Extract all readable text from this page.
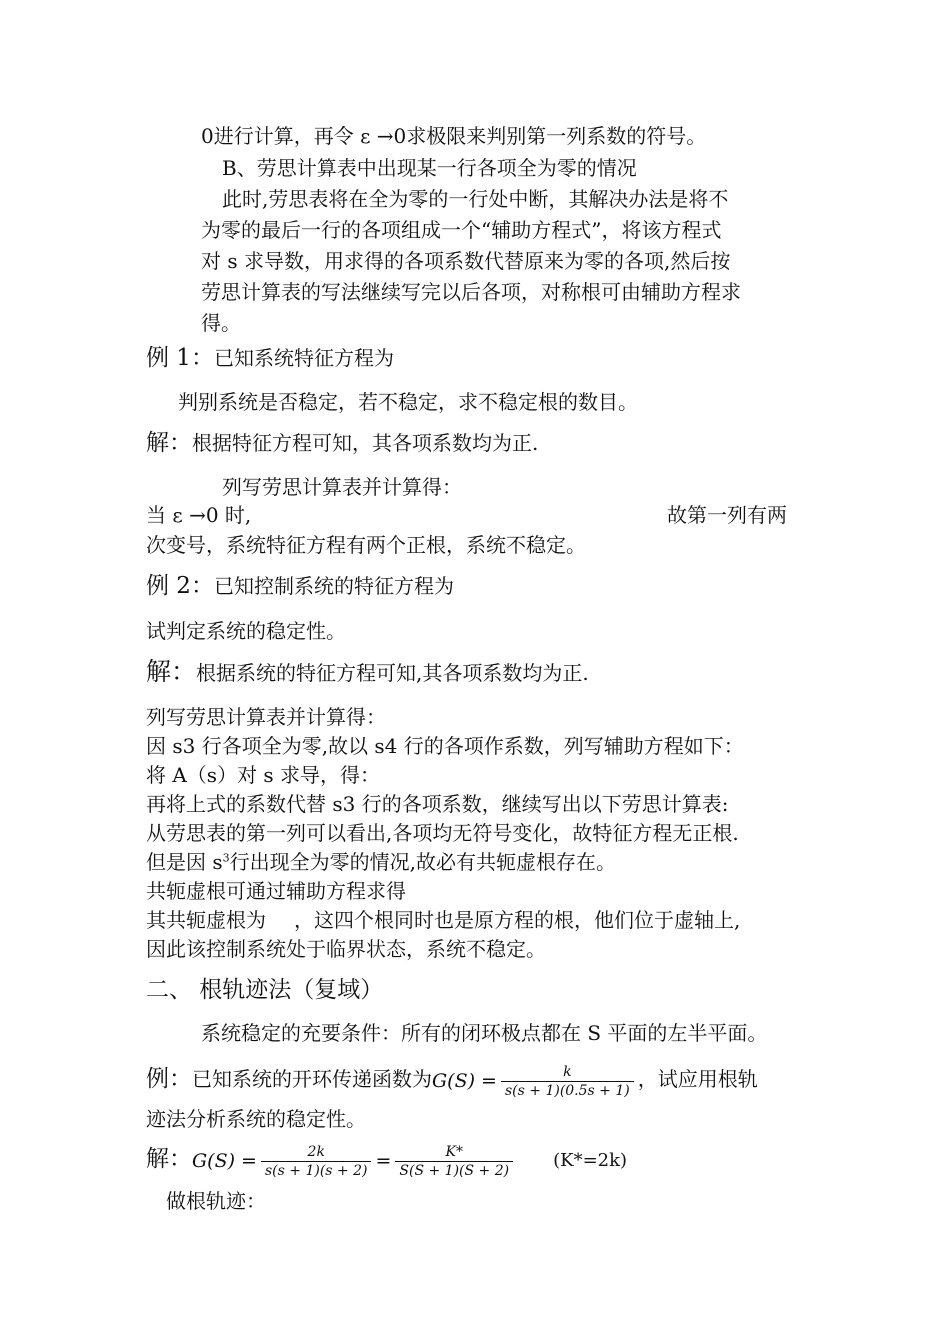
0进行计算，再令 ε →0求极限来判别第一列系数的符号。
B、劳思计算表中出现某一行各项全为零的情况
此时,劳思表将在全为零的一行处中断，其解决办法是将不
为零的最后一行的各项组成一个“辅助方程式”，将该方程式
对 s 求导数，用求得的各项系数代替原来为零的各项,然后按
劳思计算表的写法继续写完以后各项，对称根可由辅助方程求
得。
例 1：已知系统特征方程为
判别系统是否稳定，若不稳定，求不稳定根的数目。
解：根据特征方程可知，其各项系数均为正.
列写劳思计算表并计算得：
当 ε →0 时,	故第一列有两
次变号，系统特征方程有两个正根，系统不稳定。
例 2：已知控制系统的特征方程为
试判定系统的稳定性。
解：根据系统的特征方程可知,其各项系数均为正.
列写劳思计算表并计算得：
因 s3 行各项全为零,故以 s4 行的各项作系数，列写辅助方程如下：
将 A（s）对 s 求导，得：
再将上式的系数代替 s3 行的各项系数，继续写出以下劳思计算表:
从劳思表的第一列可以看出,各项均无符号变化，故特征方程无正根.
但是因 $s^3$行出现全为零的情况,故必有共轭虚根存在。
共轭虚根可通过辅助方程求得
其共轭虚根为 ，这四个根同时也是原方程的根，他们位于虚轴上,
因此该控制系统处于临界状态，系统不稳定。
二、 根轨迹法（复域）
系统稳定的充要条件：所有的闭环极点都在 S 平面的左半平面。
例：已知系统的开环传递函数为$G(S) = \frac{k}{s(s + 1)(0.5s + 1)}$ ，试应用根轨
迹法分析系统的稳定性。
解：$G(S) = \frac{2k}{s(s + 1)(s + 2)} = \frac{K*}{S(S + 1)(S + 2)} (K*=2k)$
做根轨迹：
